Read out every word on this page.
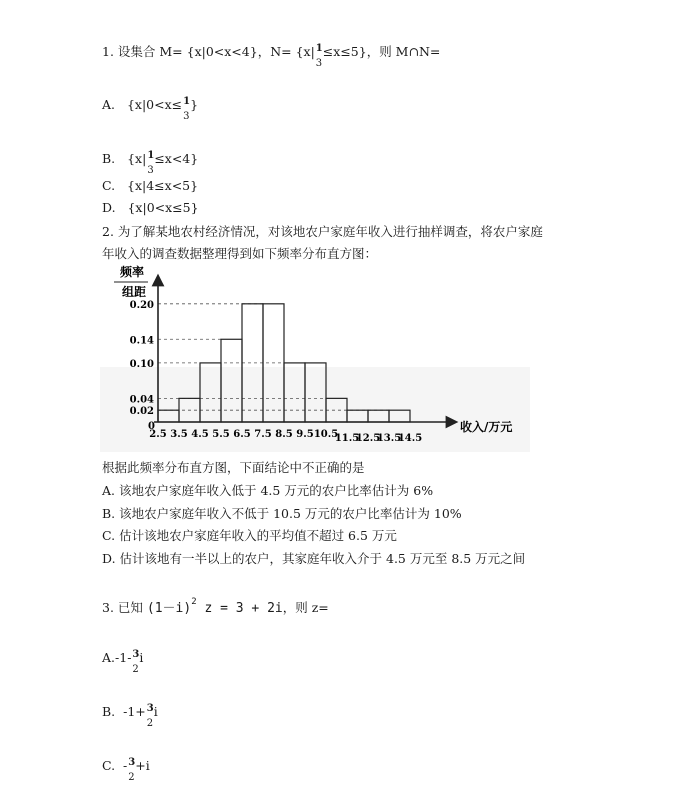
1. 设集合 M= {x|0<x<4}，N= {x| 1
3
≤x≤5}，则 M∩N=
A. {x|0<x≤ 1
3
}
B. {x| 1
3
≤x<4}
C. {x|4≤x<5}
D. {x|0<x≤5}
2. 为了解某地农村经济情况，对该地农户家庭年收入进行抽样调查，将农户家庭
年收入的调查数据整理得到如下频率分布直方图：
0.02
0.04
0.10
0.14
0.20
2.5 3.5 4.5 5.5 6.5 7.5 8.5 9.5 10.5
11.5
12.5
13.5
14.5
频率
组距
收入/万元
0
根据此频率分布直方图，下面结论中不正确的是
A. 该地农户家庭年收入低于 4.5 万元的农户比率估计为 6%
B. 该地农户家庭年收入不低于 10.5 万元的农户比率估计为 10%
C. 估计该地农户家庭年收入的平均值不超过 6.5 万元
D. 估计该地有一半以上的农户，其家庭年收入介于 4.5 万元至 8.5 万元之间
3. 已知 $(1-i)^2$ z = 3 + 2i，则 z=
A.-1- 3
2
i
B. -1+ 3
2
i
C. - 3
2
+i
